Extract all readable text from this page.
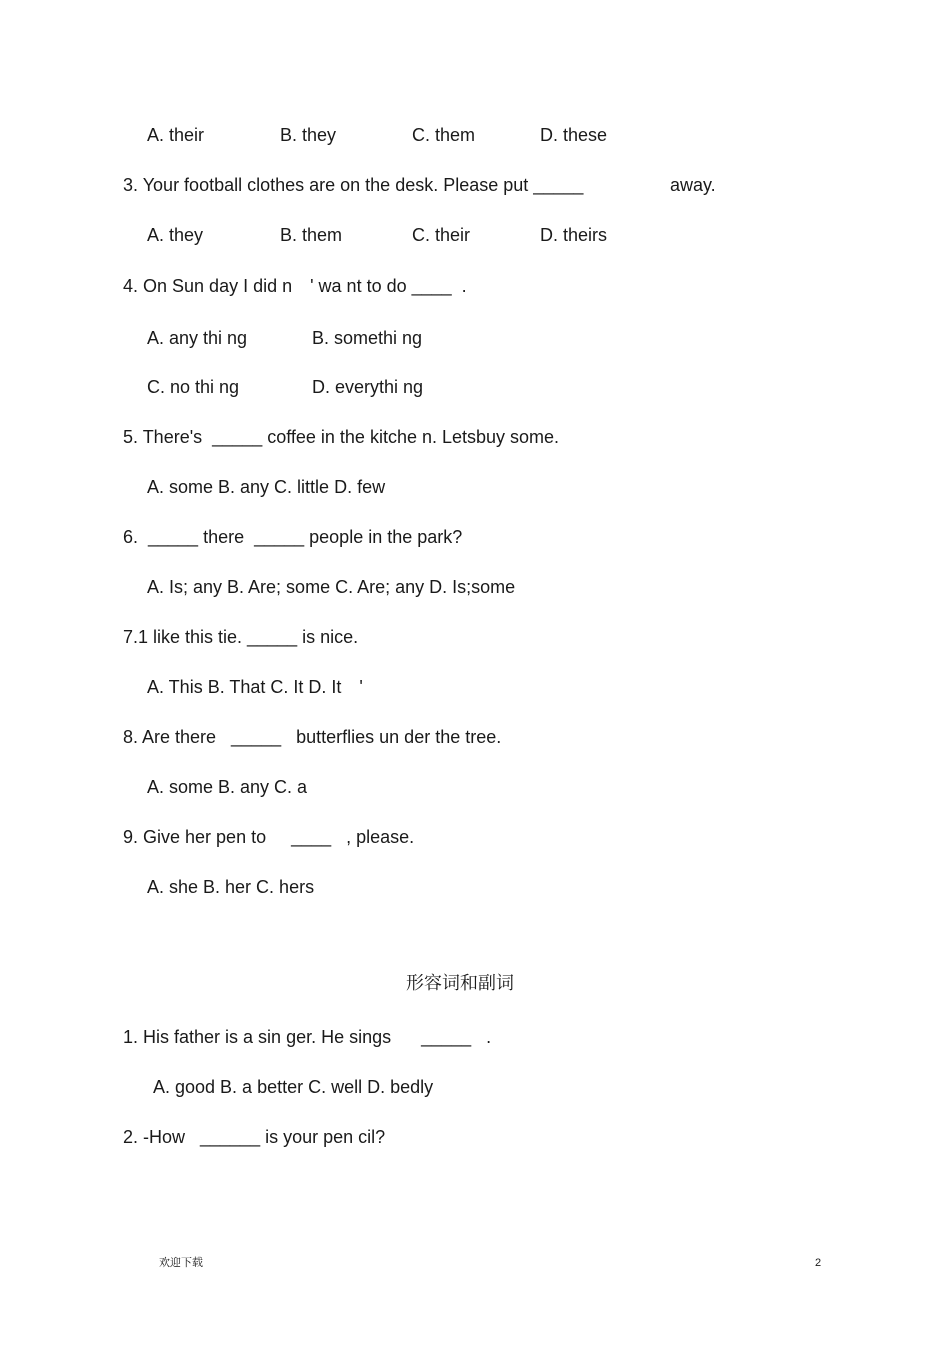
A. their	B. they	C. them	D. these
3. Your football clothes are on the desk. Please put _____	away.
A. they	B. them	C. their	D. theirs
4. On Sun day I did n ' wa nt to do ____  .
A. any thi ng	B. somethi ng
C. no thi ng	D. everythi ng
5. There's  _____ coffee in the kitche n. Letsbuy some.
A. some B. any C. little D. few
6.  _____ there  _____ people in the park?
A. Is; any B. Are; some C. Are; any D. Is;some
7.1 like this tie. _____ is nice.
A. This B. That C. It D. It '
8. Are there   _____   butterflies un der the tree.
A. some B. any C. a
9. Give her pen to     ____   , please.
A. she B. her C. hers
形容词和副词
1. His father is a sin ger. He sings      _____   .
A. good B. a better C. well D. bedly
2. -How   ______ is your pen cil?
欢迎下载	2
